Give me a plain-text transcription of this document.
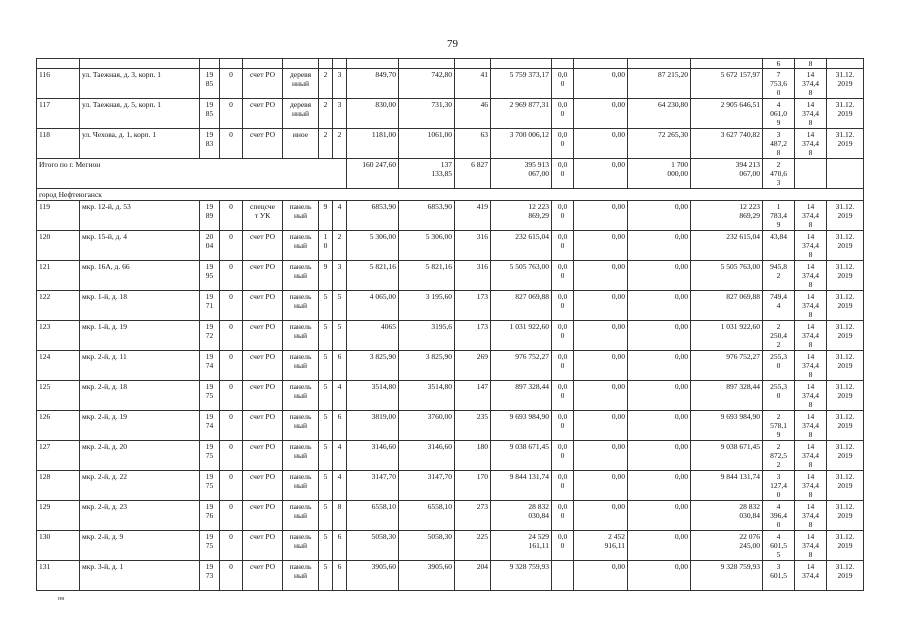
79
																6	8	
116	ул. Таежная, д. 3, корп. 1	19
85	0	счет РО	деревя
нный	2	3	849,70	742,80	41	5 759 373,17	0,0
0	0,00	87 215,20	5 672 157,97	7
753,6
0	14
374,4
8	31.12.
2019
117	ул. Таежная, д. 5, корп. 1	19
85	0	счет РО	деревя
нный	2	3	830,00	731,30	46	2 969 877,31	0,0
0	0,00	64 230,80	2 905 646,51	4
061,0
9	14
374,4
8	31.12.
2019
118	ул. Чехова, д. 1, корп. 1	19
83	0	счет РО	иное	2	2	1181,00	1061,00	63	3 700 006,12	0,0
0	0,00	72 265,30	3 627 740,82	3
487,2
8	14
374,4
8	31.12.
2019
Итого по г. Мегион								160 247,60	137
133,85	6 827	395 913
067,00	0,0
0	0,00	1 700
000,00	394 213
067,00	2
470,6
3		
город Нефтеюганск																		
119	мкр. 12-й, д. 53	19
89	0	спецсче
т УК	панель
ный	9	4	6853,90	6853,90	419	12 223
869,29	0,0
0	0,00	0,00	12 223
869,29	1
783,4
9	14
374,4
8	31.12.
2019
120	мкр. 15-й, д. 4	20
04	0	счет РО	панель
ный	1
0	2	5 306,00	5 306,00	316	232 615,04	0,0
0	0,00	0,00	232 615,04	43,84	14
374,4
8	31.12.
2019
121	мкр. 16А, д. 66	19
95	0	счет РО	панель
ный	9	3	5 821,16	5 821,16	316	5 505 763,00	0,0
0	0,00	0,00	5 505 763,00	945,8
2	14
374,4
8	31.12.
2019
122	мкр. 1-й, д. 18	19
71	0	счет РО	панель
ный	5	5	4 065,00	3 195,60	173	827 069,88	0,0
0	0,00	0,00	827 069,88	749,4
4	14
374,4
8	31.12.
2019
123	мкр. 1-й, д. 19	19
72	0	счет РО	панель
ный	5	5	4065	3195,6	173	1 031 922,60	0,0
0	0,00	0,00	1 031 922,60	2
250,4
2	14
374,4
8	31.12.
2019
124	мкр. 2-й, д. 11	19
74	0	счет РО	панель
ный	5	6	3 825,90	3 825,90	269	976 752,27	0,0
0	0,00	0,00	976 752,27	255,3
0	14
374,4
8	31.12.
2019
125	мкр. 2-й, д. 18	19
75	0	счет РО	панель
ный	5	4	3514,80	3514,80	147	897 328,44	0,0
0	0,00	0,00	897 328,44	255,3
0	14
374,4
8	31.12.
2019
126	мкр. 2-й, д. 19	19
74	0	счет РО	панель
ный	5	6	3819,00	3760,00	235	9 693 984,90	0,0
0	0,00	0,00	9 693 984,90	2
578,1
9	14
374,4
8	31.12.
2019
127	мкр. 2-й, д. 20	19
75	0	счет РО	панель
ный	5	4	3146,60	3146,60	180	9 038 671,45	0,0
0	0,00	0,00	9 038 671,45	2
872,5
2	14
374,4
8	31.12.
2019
128	мкр. 2-й, д. 22	19
75	0	счет РО	панель
ный	5	4	3147,70	3147,70	170	9 844 131,74	0,0
0	0,00	0,00	9 844 131,74	3
127,4
0	14
374,4
8	31.12.
2019
129	мкр. 2-й, д. 23	19
76	0	счет РО	панель
ный	5	8	6558,10	6558,10	273	28 832
030,84	0,0
0	0,00	0,00	28 832
030,84	4
396,4
0	14
374,4
8	31.12.
2019
130	мкр. 2-й, д. 9	19
75	0	счет РО	панель
ный	5	6	5058,30	5058,30	225	24 529
161,11	0,0
0	2 452
916,11	0,00	22 076
245,00	4
601,5
5	14
374,4
8	31.12.
2019
131	мкр. 3-й, д. 1	19
73	0	счет РО	панель
ный	5	6	3905,60	3905,60	204	9 328 759,93		0,00	0,00	9 328 759,93	3
601,5	14
374,4	31.12.
2019
нн
